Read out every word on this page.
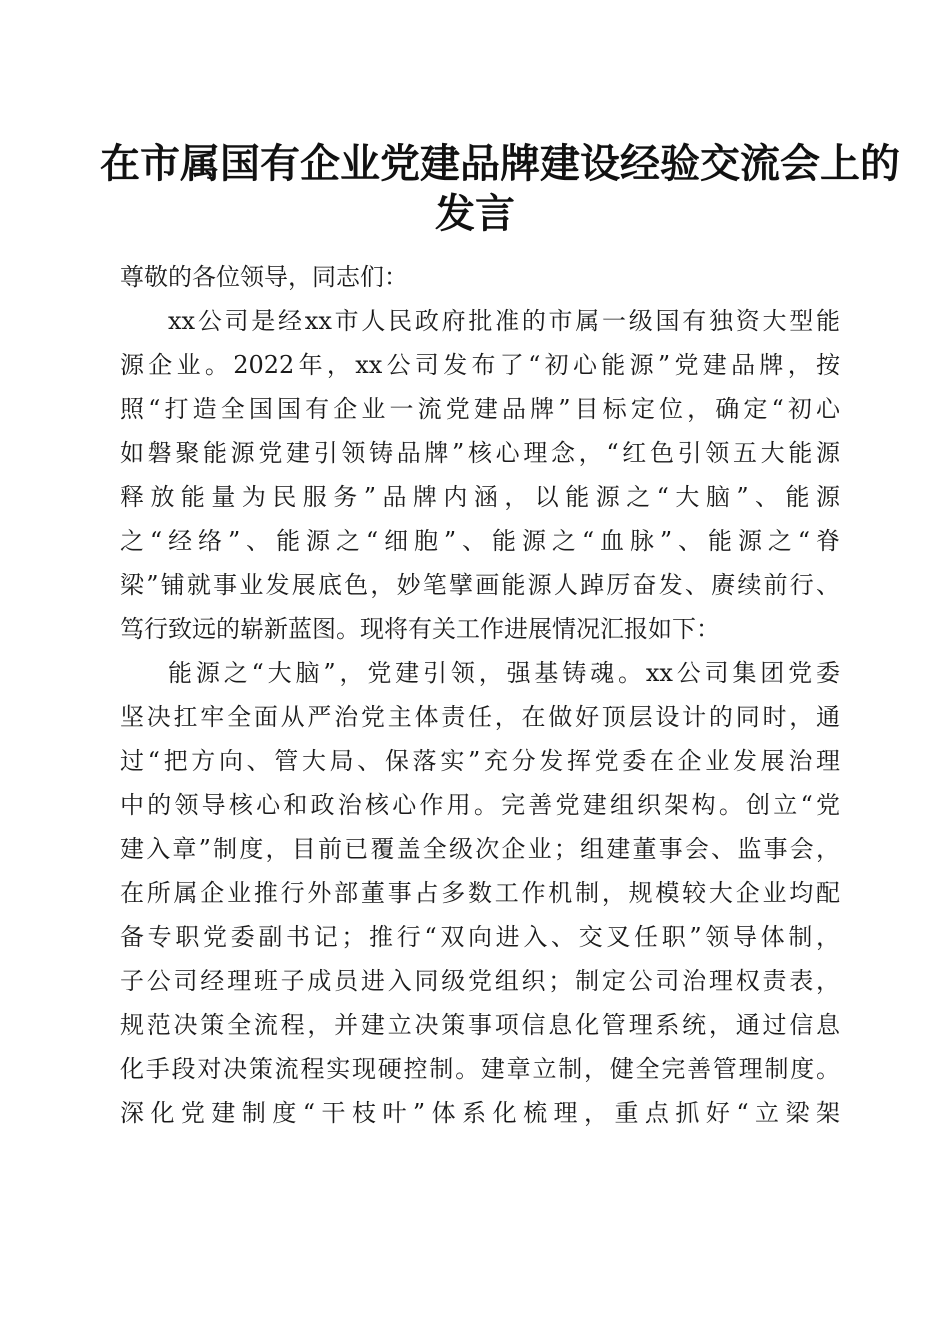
在市属国有企业党建品牌建设经验交流会上的
发言
尊敬的各位领导，同志们：
xx公司是经xx市人民政府批准的市属一级国有独资大型能
源企业。2022年，xx公司发布了“初心能源”党建品牌，按
照“打造全国国有企业一流党建品牌”目标定位，确定“初心
如磐聚能源党建引领铸品牌”核心理念，“红色引领五大能源
释放能量为民服务”品牌内涵，以能源之“大脑”、能源
之“经络”、能源之“细胞”、能源之“血脉”、能源之“脊
梁”铺就事业发展底色，妙笔擘画能源人踔厉奋发、赓续前行、
笃行致远的崭新蓝图。现将有关工作进展情况汇报如下：
能源之“大脑”，党建引领，强基铸魂。xx公司集团党委
坚决扛牢全面从严治党主体责任，在做好顶层设计的同时，通
过“把方向、管大局、保落实”充分发挥党委在企业发展治理
中的领导核心和政治核心作用。完善党建组织架构。创立“党
建入章”制度，目前已覆盖全级次企业；组建董事会、监事会，
在所属企业推行外部董事占多数工作机制，规模较大企业均配
备专职党委副书记；推行“双向进入、交叉任职”领导体制，
子公司经理班子成员进入同级党组织；制定公司治理权责表，
规范决策全流程，并建立决策事项信息化管理系统，通过信息
化手段对决策流程实现硬控制。建章立制，健全完善管理制度。
深化党建制度“干枝叶”体系化梳理，重点抓好“立梁架
